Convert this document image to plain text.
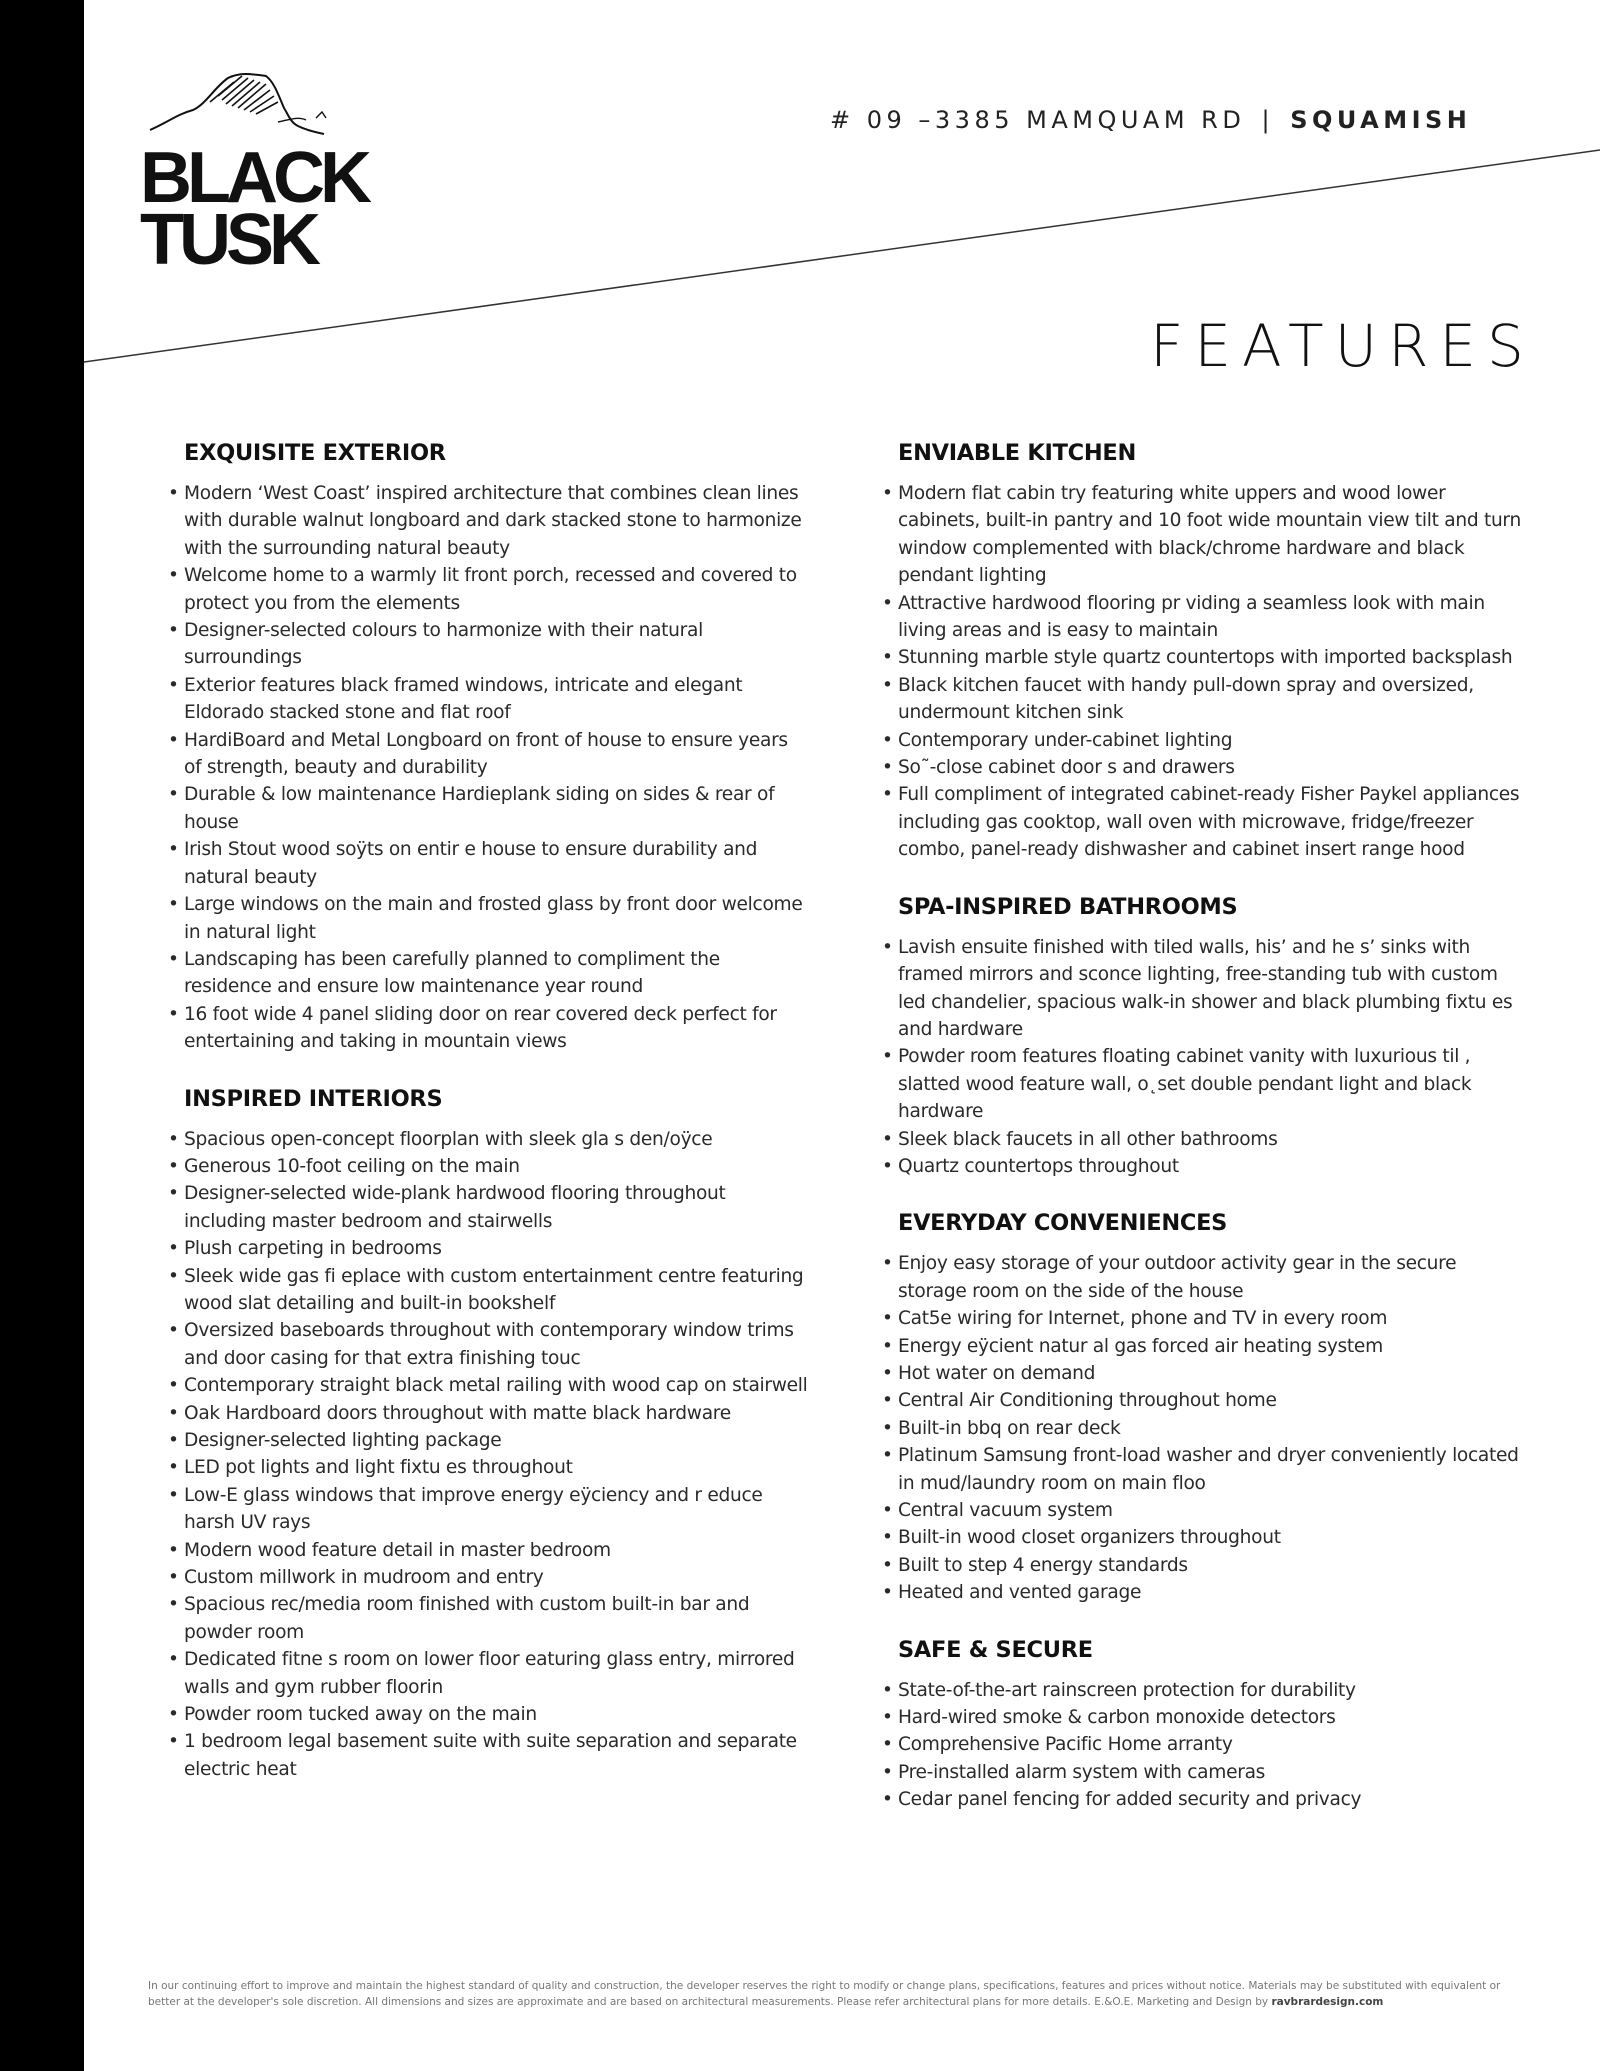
BLACK
TUSK
# 09 –3385 MAMQUAM RD | SQUAMISH
FEATURES
EXQUISITE EXTERIOR
• Modern ‘West Coast’ inspired architecture that combines clean lines with durable walnut longboard and dark stacked stone to harmonize with the surrounding natural beauty
• Welcome home to a warmly lit front porch, recessed and covered to protect you from the elements
• Designer-selected colours to harmonize with their natural surroundings
• Exterior features black framed windows, intricate and elegant Eldorado stacked stone and flat roof
• HardiBoard and Metal Longboard on front of house to ensure years of strength, beauty and durability
• Durable & low maintenance Hardieplank siding on sides & rear of house
• Irish Stout wood soÿts on entir e house to ensure durability and natural beauty
• Large windows on the main and frosted glass by front door welcome in natural light
• Landscaping has been carefully planned to compliment the residence and ensure low maintenance year round
• 16 foot wide 4 panel sliding door on rear covered deck perfect for entertaining and taking in mountain views
INSPIRED INTERIORS
• Spacious open-concept floorplan with sleek gla s den/oÿce
• Generous 10-foot ceiling on the main
• Designer-selected wide-plank hardwood flooring throughout including master bedroom and stairwells
• Plush carpeting in bedrooms
• Sleek wide gas fi eplace with custom entertainment centre featuring wood slat detailing and built-in bookshelf
• Oversized baseboards throughout with contemporary window trims and door casing for that extra finishing touc
• Contemporary straight black metal railing with wood cap on stairwell
• Oak Hardboard doors throughout with matte black hardware
• Designer-selected lighting package
• LED pot lights and light fixtu es throughout
• Low-E glass windows that improve energy eÿciency and r educe harsh UV rays
• Modern wood feature detail in master bedroom
• Custom millwork in mudroom and entry
• Spacious rec/media room finished with custom built-in bar and powder room
• Dedicated fitne s room on lower floor eaturing glass entry, mirrored walls and gym rubber floorin
• Powder room tucked away on the main
• 1 bedroom legal basement suite with suite separation and separate electric heat
ENVIABLE KITCHEN
• Modern flat cabin try featuring white uppers and wood lower cabinets, built-in pantry and 10 foot wide mountain view tilt and turn window complemented with black/chrome hardware and black pendant lighting
• Attractive hardwood flooring pr viding a seamless look with main living areas and is easy to maintain
• Stunning marble style quartz countertops with imported backsplash
• Black kitchen faucet with handy pull-down spray and oversized, undermount kitchen sink
• Contemporary under-cabinet lighting
• So˜-close cabinet door s and drawers
• Full compliment of integrated cabinet-ready Fisher Paykel appliances including gas cooktop, wall oven with microwave, fridge/freezer combo, panel-ready dishwasher and cabinet insert range hood
SPA-INSPIRED BATHROOMS
• Lavish ensuite finished with tiled walls, his’ and he s’ sinks with framed mirrors and sconce lighting, free-standing tub with custom led chandelier, spacious walk-in shower and black plumbing fixtu es and hardware
• Powder room features floating cabinet vanity with luxurious til , slatted wood feature wall, o˛set double pendant light and black hardware
• Sleek black faucets in all other bathrooms
• Quartz countertops throughout
EVERYDAY CONVENIENCES
• Enjoy easy storage of your outdoor activity gear in the secure storage room on the side of the house
• Cat5e wiring for Internet, phone and TV in every room
• Energy eÿcient natur al gas forced air heating system
• Hot water on demand
• Central Air Conditioning throughout home
• Built-in bbq on rear deck
• Platinum Samsung front-load washer and dryer conveniently located in mud/laundry room on main floo
• Central vacuum system
• Built-in wood closet organizers throughout
• Built to step 4 energy standards
• Heated and vented garage
SAFE & SECURE
• State-of-the-art rainscreen protection for durability
• Hard-wired smoke & carbon monoxide detectors
• Comprehensive Pacific Home arranty
• Pre-installed alarm system with cameras
• Cedar panel fencing for added security and privacy
In our continuing effort to improve and maintain the highest standard of quality and construction, the developer reserves the right to modify or change plans, specifications, features and prices without notice. Materials may be substituted with equivalent or better at the developer's sole discretion. All dimensions and sizes are approximate and are based on architectural measurements. Please refer architectural plans for more details. E.&O.E. Marketing and Design by ravbrardesign.com
